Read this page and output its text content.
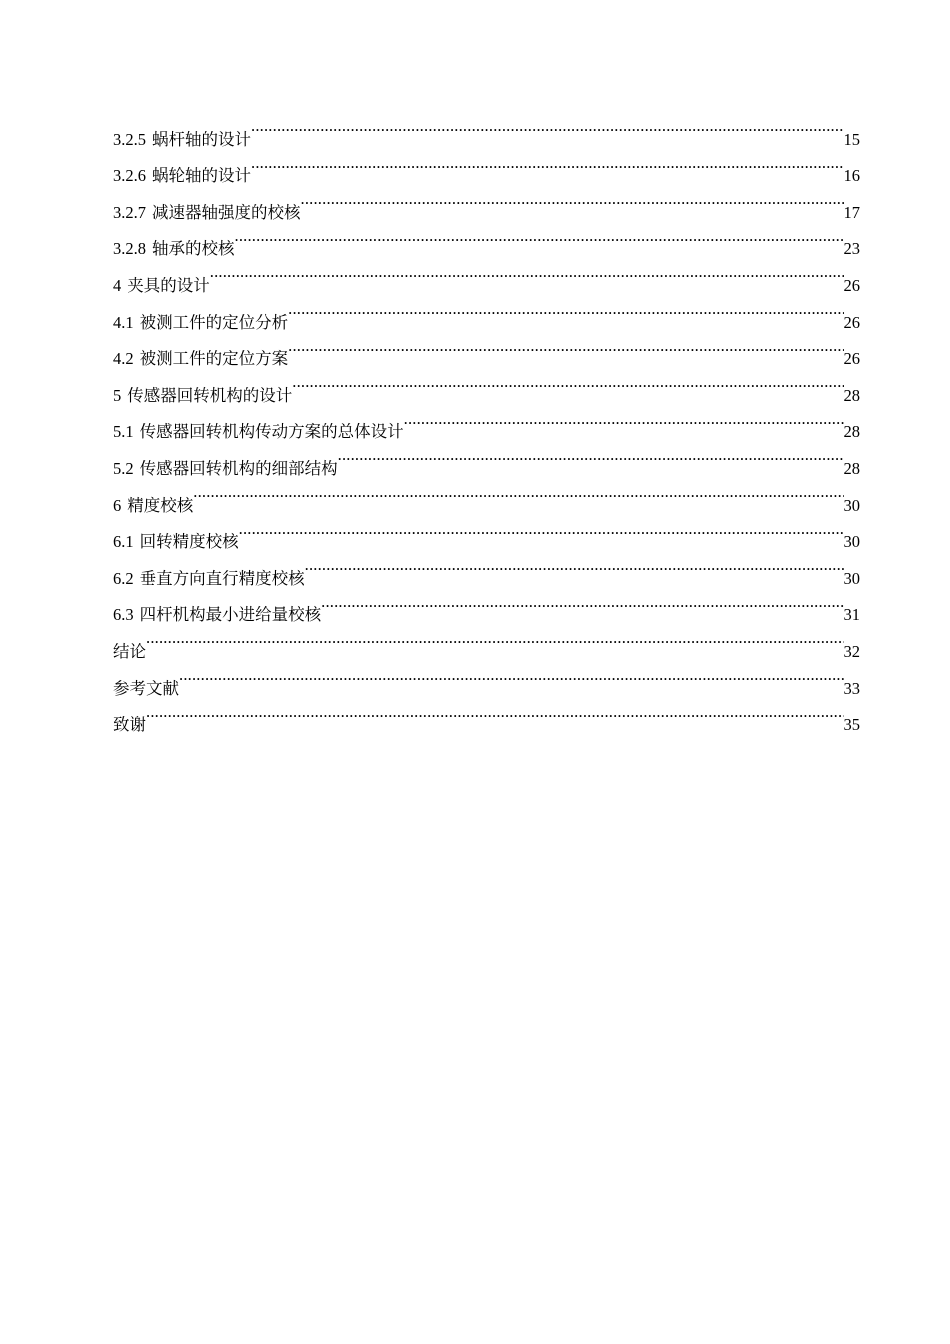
3.2.5 蜗杆轴的设计 .....	15
3.2.6 蜗轮轴的设计 .....	16
3.2.7 减速器轴强度的校核 .....	17
3.2.8 轴承的校核 .....	23
4 夹具的设计 .....	26
4.1 被测工件的定位分析 .....	26
4.2 被测工件的定位方案 .....	26
5 传感器回转机构的设计 .....	28
5.1 传感器回转机构传动方案的总体设计 .....	28
5.2 传感器回转机构的细部结构 .....	28
6 精度校核 .....	30
6.1 回转精度校核 .....	30
6.2 垂直方向直行精度校核 .....	30
6.3 四杆机构最小进给量校核 .....	31
结论 .....	32
参考文献 .....	33
致谢 .....	35
